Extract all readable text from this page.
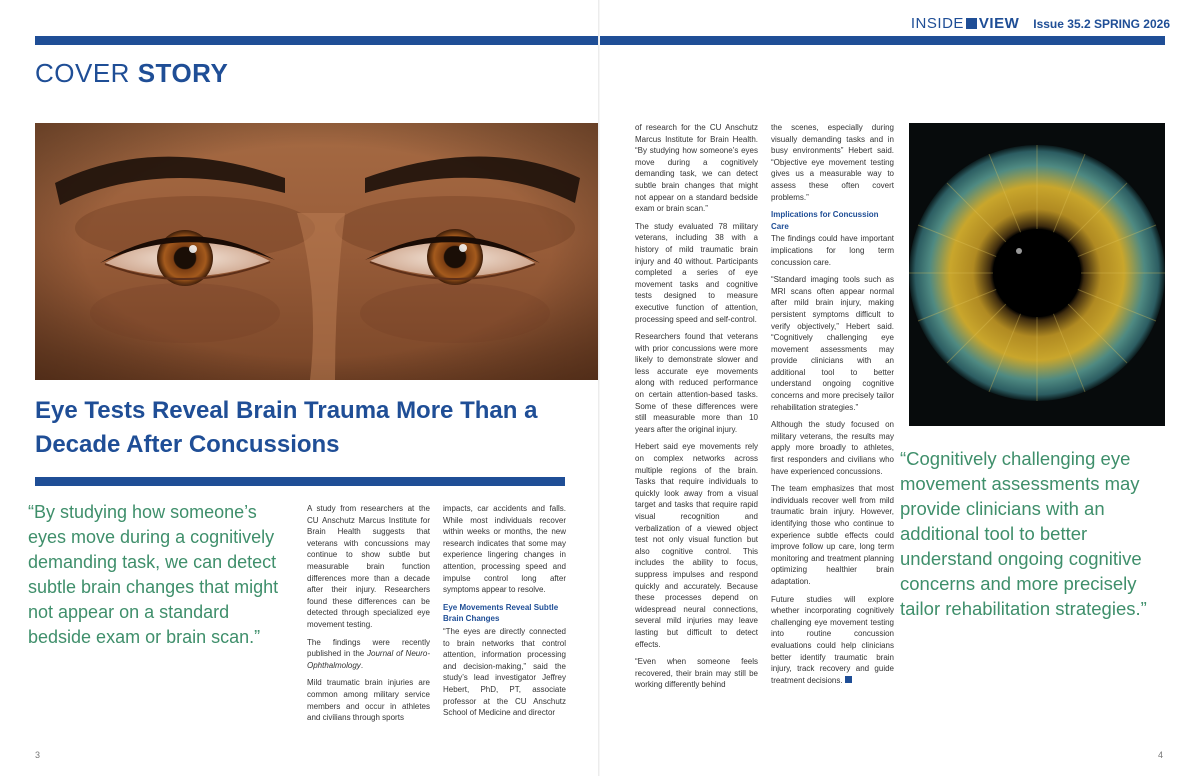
COVER STORY
Eye Tests Reveal Brain Trauma More Than a Decade After Concussions
“By studying how someone’s eyes move during a cognitively demanding task, we can detect subtle brain changes that might not appear on a standard bedside exam or brain scan.”

A study from researchers at the CU Anschutz Marcus Institute for Brain Health suggests that veterans with concussions may continue to show subtle but measurable brain function differences more than a decade after their injury. Researchers found these differences can be detected through specialized eye movement testing.

The findings were recently published in the Journal of Neuro-Ophthalmology.

Mild traumatic brain injuries are common among military service members and occur in athletes and civilians through sports

impacts, car accidents and falls. While most individuals recover within weeks or months, the new research indicates that some may experience lingering changes in attention, processing speed and impulse control long after symptoms appear to resolve.

Eye Movements Reveal Subtle Brain Changes

“The eyes are directly connected to brain networks that control attention, information processing and decision-making,” said the study’s lead investigator Jeffrey Hebert, PhD, PT, associate professor at the CU Anschutz School of Medicine and director

3
INSIDE VIEW Issue 35.2 SPRING 2026

of research for the CU Anschutz Marcus Institute for Brain Health. “By studying how someone’s eyes move during a cognitively demanding task, we can detect subtle brain changes that might not appear on a standard bedside exam or brain scan.”

The study evaluated 78 military veterans, including 38 with a history of mild traumatic brain injury and 40 without. Participants completed a series of eye movement tasks and cognitive tests designed to measure executive function of attention, processing speed and self-control.

Researchers found that veterans with prior concussions were more likely to demonstrate slower and less accurate eye movements along with reduced performance on certain attention-based tasks. Some of these differences were still measurable more than 10 years after the original injury.

Hebert said eye movements rely on complex networks across multiple regions of the brain. Tasks that require individuals to quickly look away from a visual target and tasks that require rapid visual recognition and verbalization of a viewed object test not only visual function but also cognitive control. This includes the ability to focus, suppress impulses and respond quickly and accurately. Because these processes depend on widespread neural connections, several mild injuries may leave lasting but difficult to detect effects.

“Even when someone feels recovered, their brain may still be working differently behind

the scenes, especially during visually demanding tasks and in busy environments” Hebert said. “Objective eye movement testing gives us a measurable way to assess these often covert problems.”

Implications for Concussion Care

The findings could have important implications for long term concussion care.

“Standard imaging tools such as MRI scans often appear normal after mild brain injury, making persistent symptoms difficult to verify objectively,” Hebert said. “Cognitively challenging eye movement assessments may provide clinicians with an additional tool to better understand ongoing cognitive concerns and more precisely tailor rehabilitation strategies.”

Although the study focused on military veterans, the results may apply more broadly to athletes, first responders and civilians who have experienced concussions.

The team emphasizes that most individuals recover well from mild traumatic brain injury. However, identifying those who continue to experience subtle effects could improve follow up care, long term monitoring and treatment planning optimizing healthier brain adaptation.

Future studies will explore whether incorporating cognitively challenging eye movement testing into routine concussion evaluations could help clinicians better identify traumatic brain injury, track recovery and guide treatment decisions.

“Cognitively challenging eye movement assessments may provide clinicians with an additional tool to better understand ongoing cognitive concerns and more precisely tailor rehabilitation strategies.”
4
